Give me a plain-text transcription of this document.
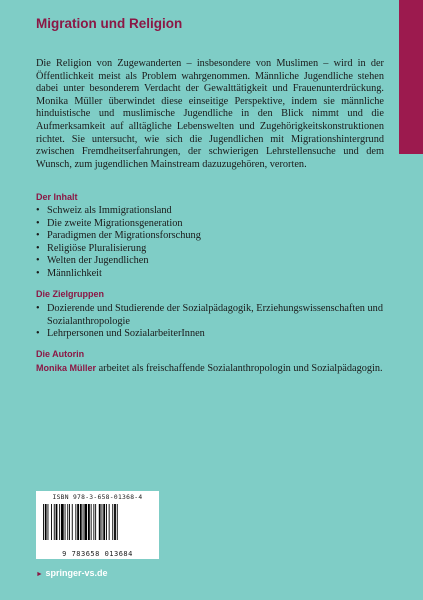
Migration und Religion

Die Religion von Zugewanderten – insbesondere von Muslimen – wird in der Öffentlichkeit meist als Problem wahrgenommen. Männliche Jugendliche stehen dabei unter besonderem Verdacht der Gewalttätigkeit und Frauenunterdrückung. Monika Müller überwindet diese einseitige Perspektive, indem sie männliche hinduistische und muslimische Jugendliche in den Blick nimmt und die Aufmerksamkeit auf alltägliche Lebenswelten und Zugehörigkeitskonstruktionen richtet. Sie untersucht, wie sich die Jugendlichen mit Migrationshintergrund zwischen Fremdheitserfahrungen, der schwierigen Lehrstellensuche und dem Wunsch, zum jugendlichen Mainstream dazuzugehören, verorten.

Der Inhalt
• Schweiz als Immigrationsland
• Die zweite Migrationsgeneration
• Paradigmen der Migrationsforschung
• Religiöse Pluralisierung
• Welten der Jugendlichen
• Männlichkeit
Die Zielgruppen
• Dozierende und Studierende der Sozialpädagogik, Erziehungswissenschaften und Sozialanthropologie
• Lehrpersonen und SozialarbeiterInnen
Die Autorin

Monika Müller arbeitet als freischaffende Sozialanthropologin und Sozialpädagogin.

ISBN 978-3-658-01368-4
9 783658 013684
► springer-vs.de
